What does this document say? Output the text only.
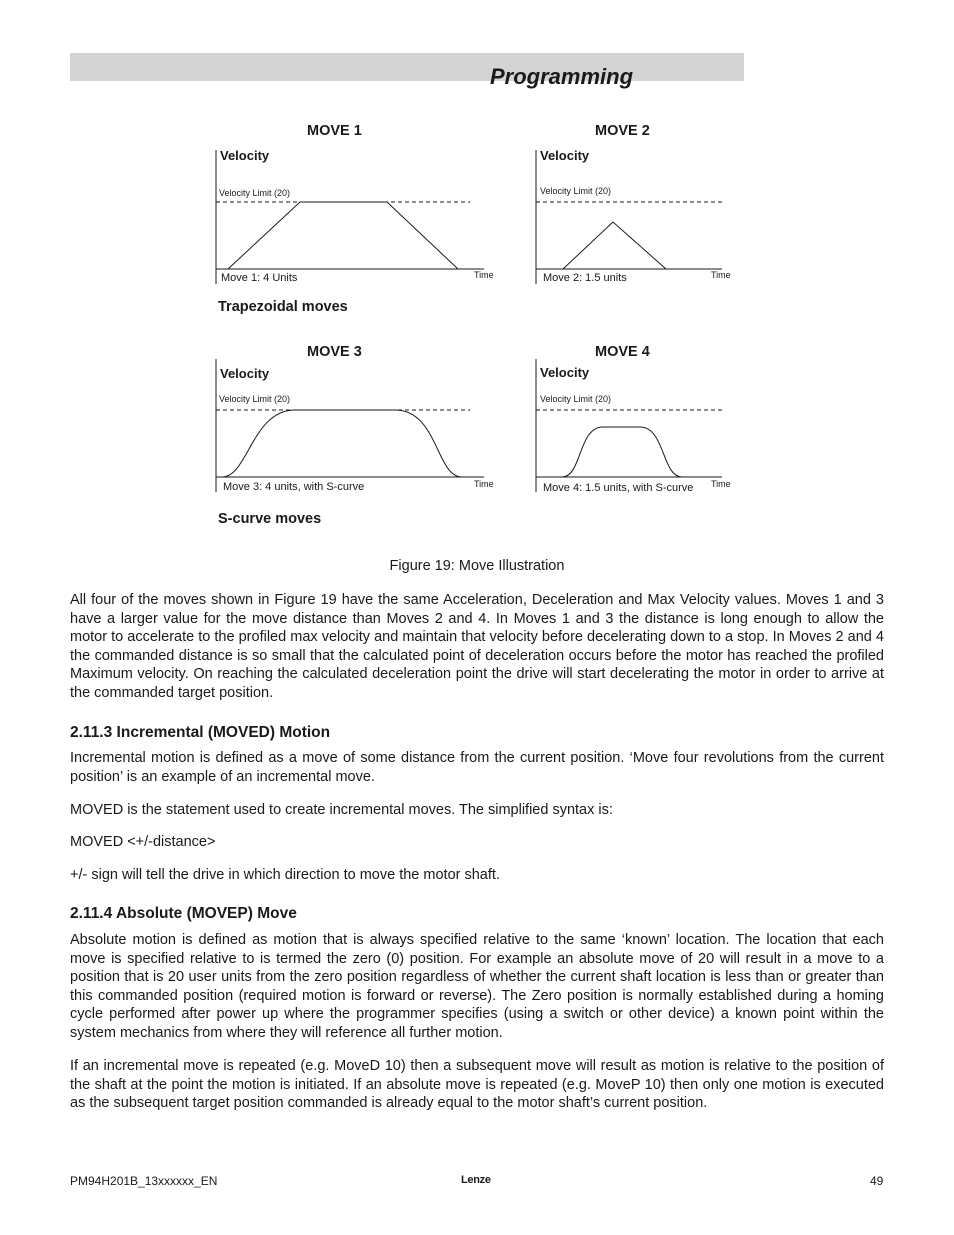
Programming
MOVE 1
Velocity
Velocity Limit (20)
Move 1: 4 Units	Time
MOVE 2
Velocity
Velocity Limit (20)
Move 2: 1.5 units	Time
Trapezoidal moves
MOVE 3
Velocity
Velocity Limit (20)
Move 3: 4 units, with S-curve	Time
MOVE 4
Velocity
Velocity Limit (20)
Move 4: 1.5 units, with S-curve Time
S-curve moves

Figure 19: Move Illustration

All four of the moves shown in Figure 19 have the same Acceleration, Deceleration and Max Velocity values. Moves 1 and 3 have a larger value for the move distance than Moves 2 and 4. In Moves 1 and 3 the distance is long enough to allow the motor to accelerate to the profiled max velocity and maintain that velocity before decelerating down to a stop. In Moves 2 and 4 the commanded distance is so small that the calculated point of deceleration occurs before the motor has reached the profiled Maximum velocity. On reaching the calculated deceleration point the drive will start decelerating the motor in order to arrive at the commanded target position.

2.11.3 Incremental (MOVED) Motion

Incremental motion is defined as a move of some distance from the current position. ‘Move four revolutions from the current position’ is an example of an incremental move.

MOVED is the statement used to create incremental moves. The simplified syntax is:

MOVED <+/-distance>

+/- sign will tell the drive in which direction to move the motor shaft.

2.11.4 Absolute (MOVEP) Move

Absolute motion is defined as motion that is always specified relative to the same ‘known’ location. The location that each move is specified relative to is termed the zero (0) position. For example an absolute move of 20 will result in a move to a position that is 20 user units from the zero position regardless of whether the current shaft location is less than or greater than this commanded position (required motion is forward or reverse). The Zero position is normally established during a homing cycle performed after power up where the programmer specifies (using a switch or other device) a known point within the system mechanics from where they will reference all further motion.

If an incremental move is repeated (e.g. MoveD 10) then a subsequent move will result as motion is relative to the position of the shaft at the point the motion is initiated. If an absolute move is repeated (e.g. MoveP 10) then only one motion is executed as the subsequent target position commanded is already equal to the motor shaft’s current position.

PM94H201B_13xxxxxx_EN	Lenze	49
